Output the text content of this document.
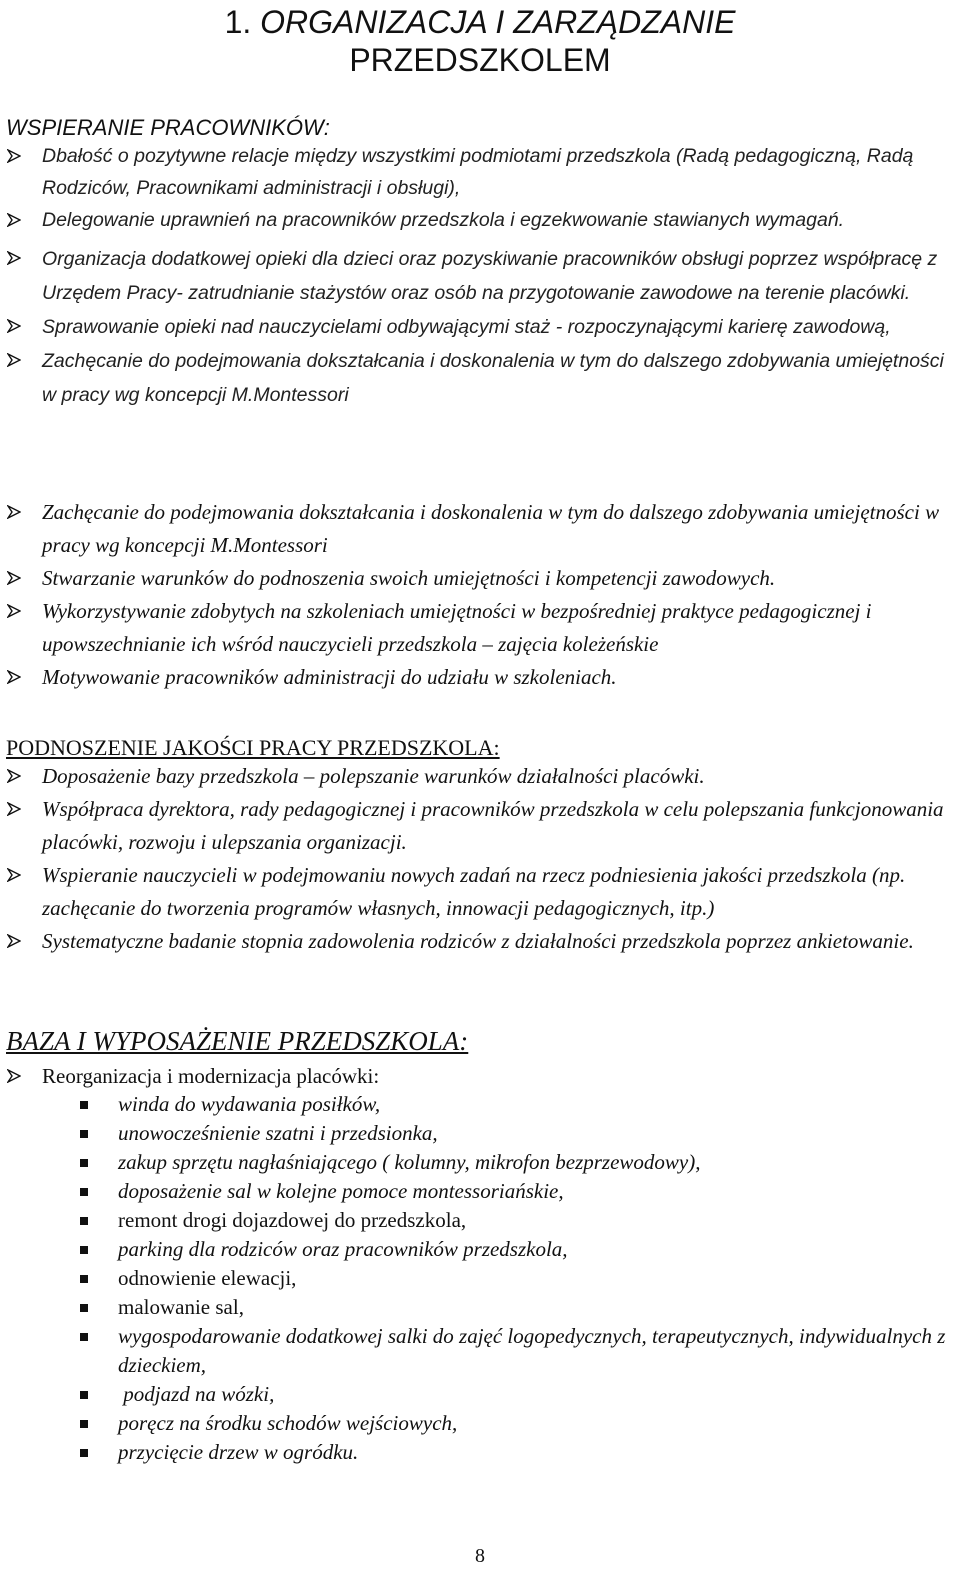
1. ORGANIZACJA I ZARZĄDZANIE
PRZEDSZKOLEM
WSPIERANIE PRACOWNIKÓW:
Dbałość o pozytywne relacje między wszystkimi podmiotami przedszkola (Radą pedagogiczną, Radą Rodziców, Pracownikami administracji i obsługi),
Delegowanie uprawnień na pracowników przedszkola i egzekwowanie stawianych wymagań.
Organizacja dodatkowej opieki dla dzieci oraz pozyskiwanie pracowników obsługi poprzez współpracę z Urzędem Pracy- zatrudnianie stażystów oraz osób na przygotowanie zawodowe na terenie placówki.
Sprawowanie opieki nad nauczycielami odbywającymi staż - rozpoczynającymi karierę zawodową,
Zachęcanie do podejmowania dokształcania i doskonalenia w tym do dalszego zdobywania umiejętności w pracy wg koncepcji M.Montessori
Zachęcanie do podejmowania dokształcania i doskonalenia w tym do dalszego zdobywania umiejętności w pracy wg koncepcji M.Montessori
Stwarzanie warunków do podnoszenia swoich umiejętności i kompetencji zawodowych.
Wykorzystywanie zdobytych na szkoleniach umiejętności w bezpośredniej praktyce pedagogicznej i upowszechnianie ich wśród nauczycieli przedszkola – zajęcia koleżeńskie
Motywowanie pracowników administracji do udziału w szkoleniach.
PODNOSZENIE JAKOŚCI PRACY PRZEDSZKOLA:
Doposażenie bazy przedszkola – polepszanie warunków działalności placówki.
Współpraca dyrektora, rady pedagogicznej i pracowników przedszkola w celu polepszania funkcjonowania placówki, rozwoju i ulepszania organizacji.
Wspieranie nauczycieli w podejmowaniu nowych zadań na rzecz podniesienia jakości przedszkola (np. zachęcanie do tworzenia programów własnych, innowacji pedagogicznych, itp.)
Systematyczne badanie stopnia zadowolenia rodziców z działalności przedszkola poprzez ankietowanie.
BAZA I WYPOSAŻENIE PRZEDSZKOLA:
Reorganizacja i modernizacja placówki:
winda do wydawania posiłków,
unowocześnienie szatni i przedsionka,
zakup sprzętu nagłaśniającego ( kolumny, mikrofon bezprzewodowy),
doposażenie sal w kolejne pomoce montessoriańskie,
remont drogi dojazdowej do przedszkola,
parking dla rodziców oraz pracowników przedszkola,
odnowienie elewacji,
malowanie sal,
wygospodarowanie dodatkowej salki do zajęć logopedycznych, terapeutycznych, indywidualnych z dzieckiem,
podjazd na wózki,
poręcz na środku schodów wejściowych,
przycięcie drzew w ogródku.
8
